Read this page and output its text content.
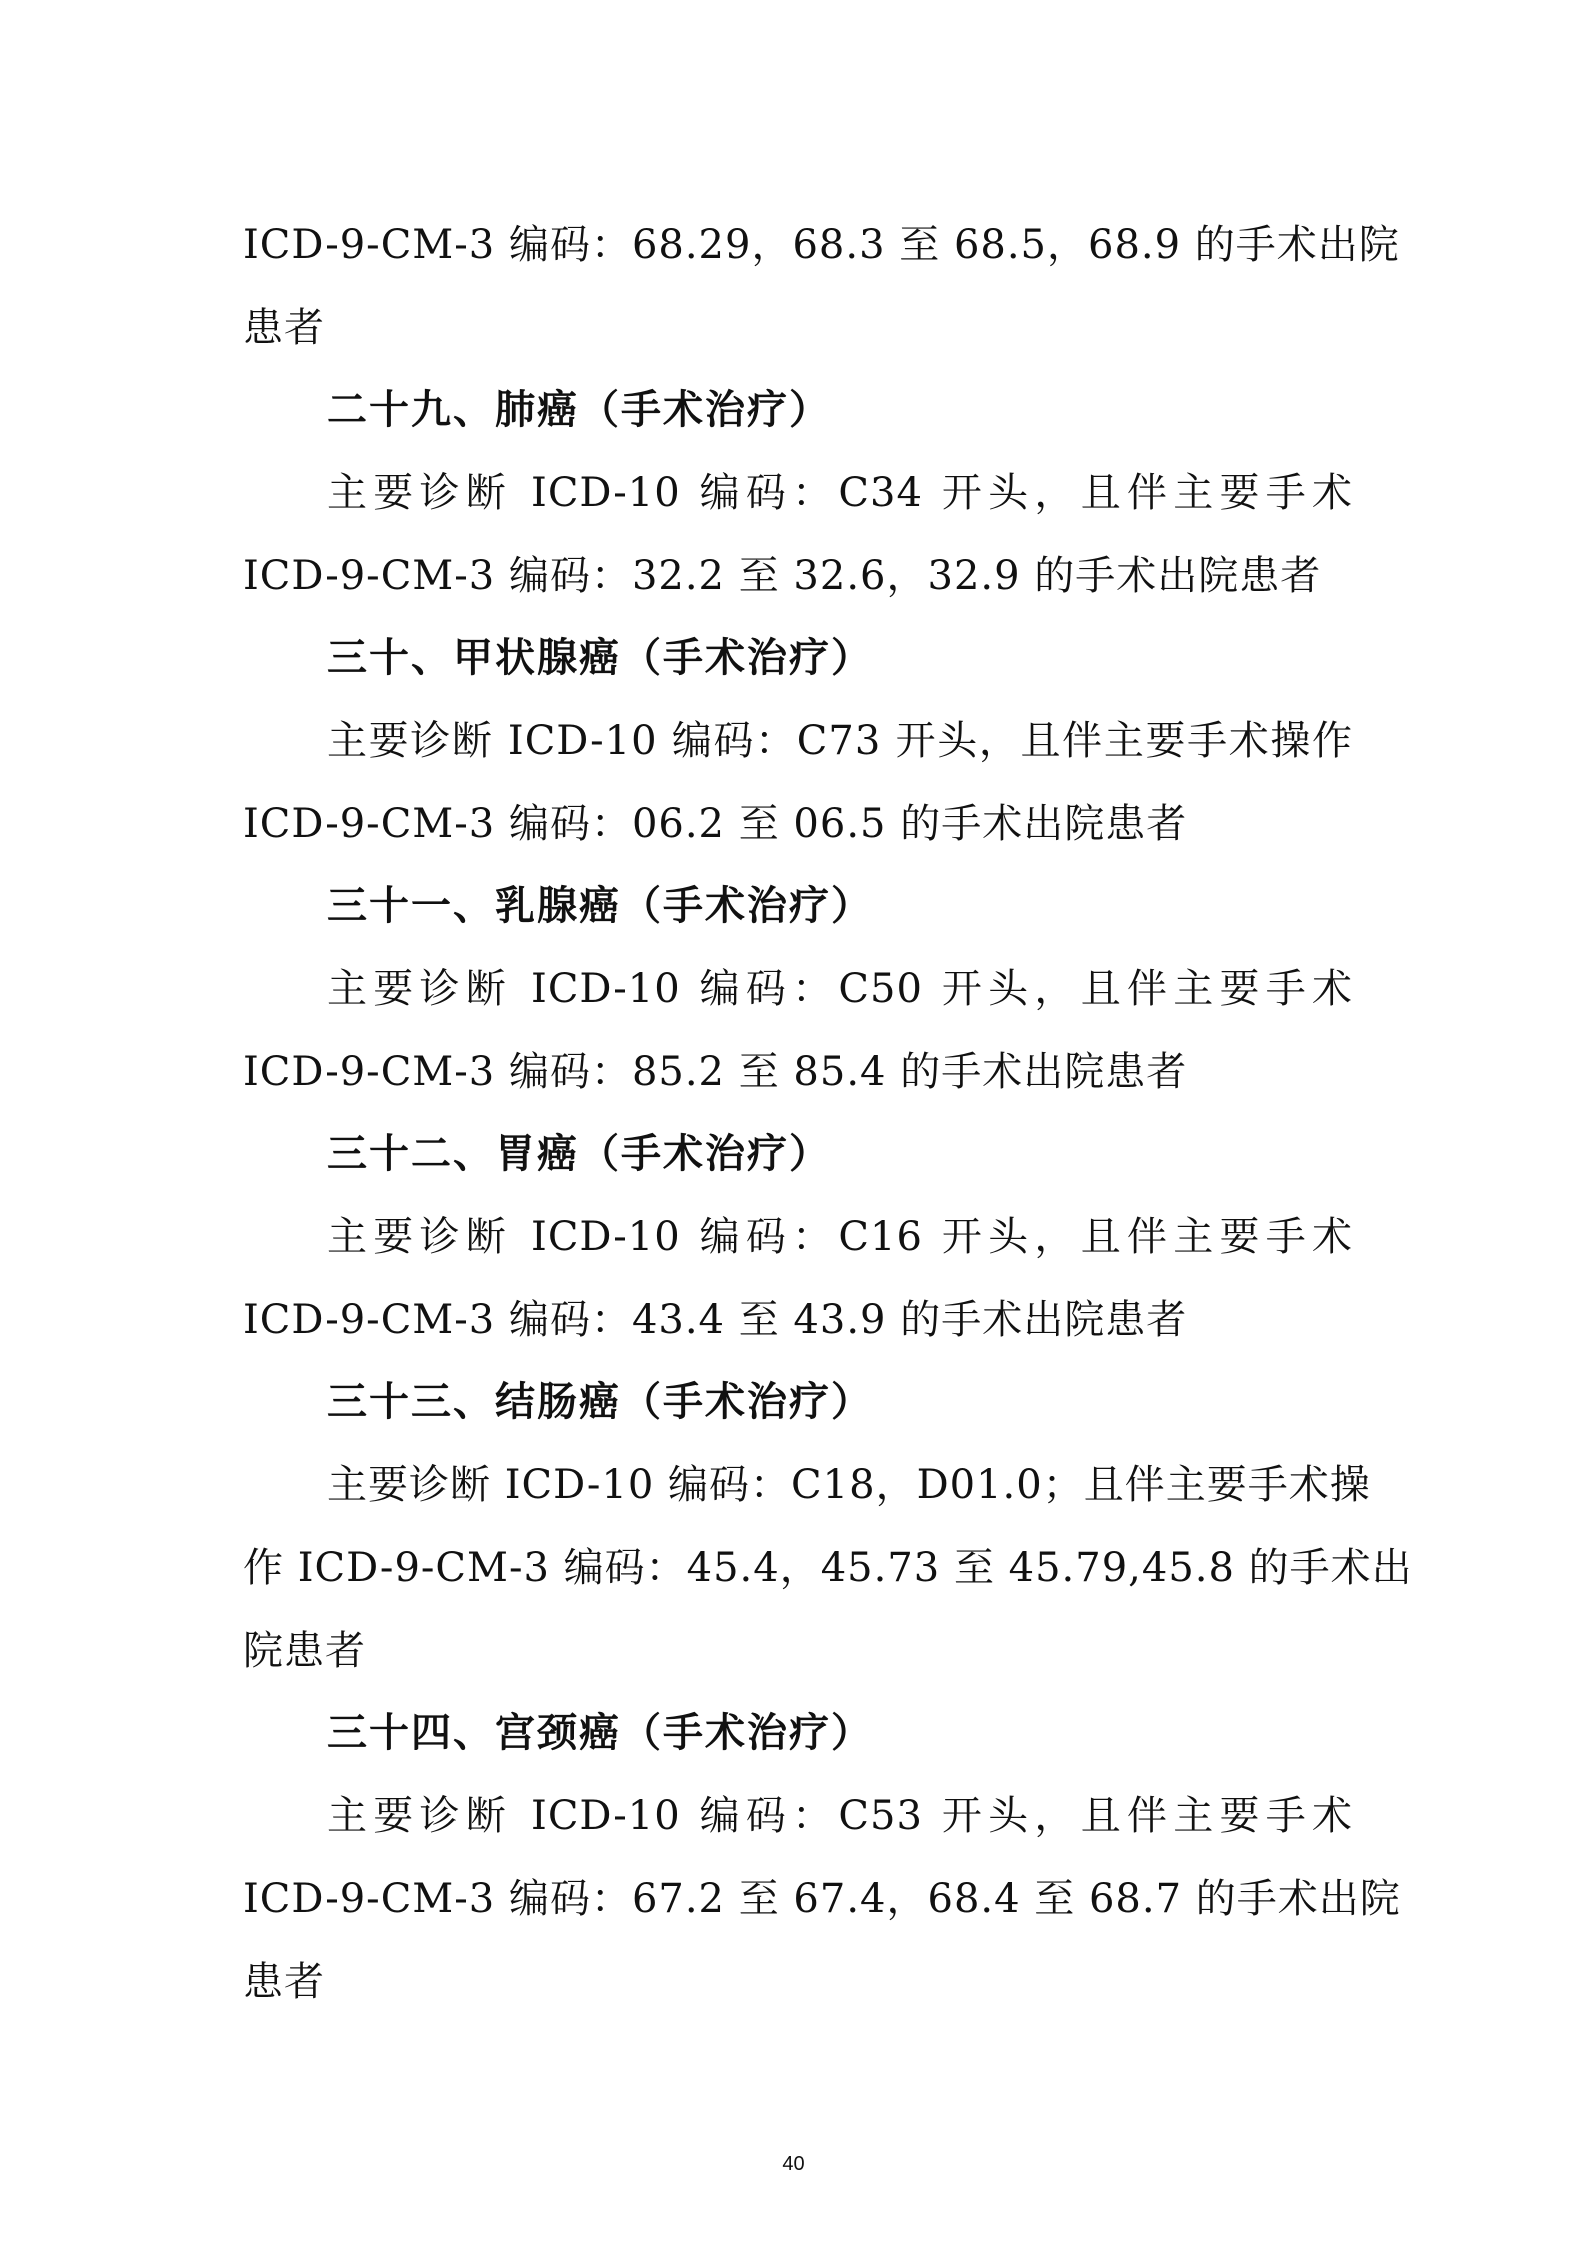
ICD-9-CM-3 编码：68.29，68.3 至 68.5，68.9 的手术出院
患者
二十九、肺癌（手术治疗）
主要诊断 ICD-10 编码：C34 开头，且伴主要手术
ICD-9-CM-3 编码：32.2 至 32.6，32.9 的手术出院患者
三十、甲状腺癌（手术治疗）
主要诊断 ICD-10 编码：C73 开头，且伴主要手术操作
ICD-9-CM-3 编码：06.2 至 06.5 的手术出院患者
三十一、乳腺癌（手术治疗）
主要诊断 ICD-10 编码：C50 开头，且伴主要手术
ICD-9-CM-3 编码：85.2 至 85.4 的手术出院患者
三十二、胃癌（手术治疗）
主要诊断 ICD-10 编码：C16 开头，且伴主要手术
ICD-9-CM-3 编码：43.4 至 43.9 的手术出院患者
三十三、结肠癌（手术治疗）
主要诊断 ICD-10 编码：C18，D01.0；且伴主要手术操
作 ICD-9-CM-3 编码：45.4，45.73 至 45.79,45.8 的手术出
院患者
三十四、宫颈癌（手术治疗）
主要诊断 ICD-10 编码：C53 开头，且伴主要手术
ICD-9-CM-3 编码：67.2 至 67.4，68.4 至 68.7 的手术出院
患者
40
